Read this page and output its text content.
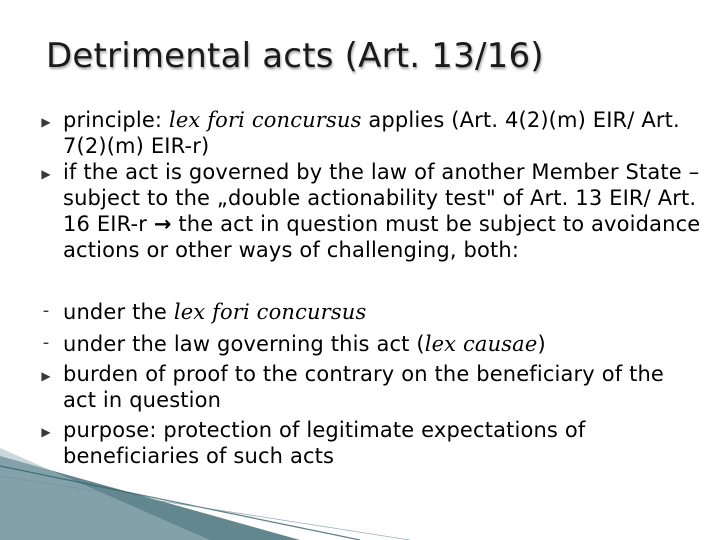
Detrimental acts (Art. 13/16)
▶ principle: lex fori concursus applies (Art. 4(2)(m) EIR/ Art. 7(2)(m) EIR-r)
▶ if the act is governed by the law of another Member State – subject to the „double actionability test" of Art. 13 EIR/ Art. 16 EIR-r → the act in question must be subject to avoidance actions or other ways of challenging, both:
- under the lex fori concursus
- under the law governing this act (lex causae)
▶ burden of proof to the contrary on the beneficiary of the act in question
▶ purpose: protection of legitimate expectations of beneficiaries of such acts
